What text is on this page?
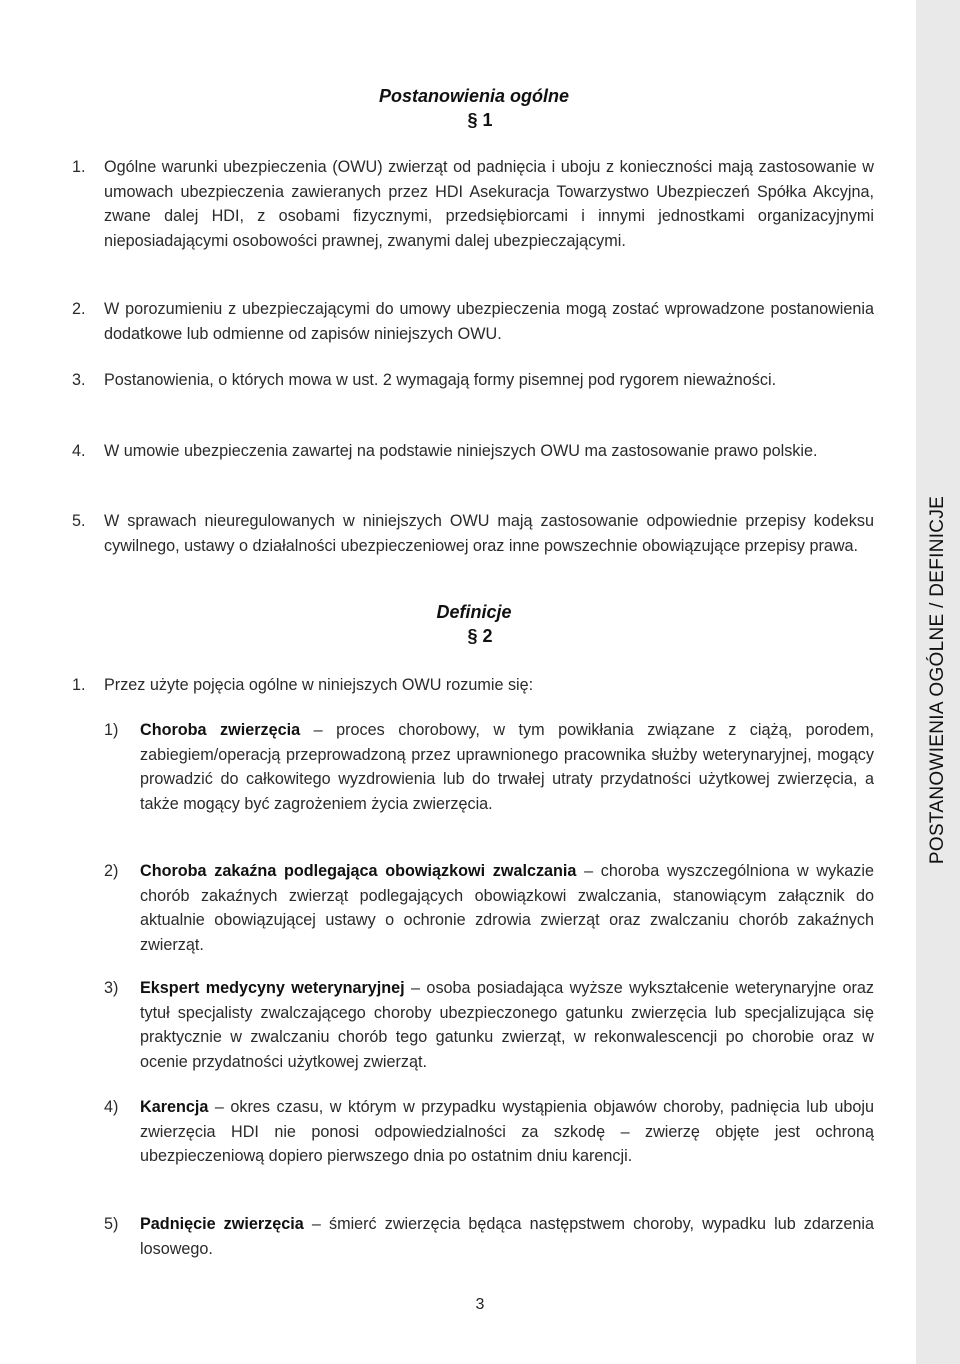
POSTANOWIENIA OGÓLNE / DEFINICJE
Postanowienia ogólne
§ 1
1. Ogólne warunki ubezpieczenia (OWU) zwierząt od padnięcia i uboju z konieczności mają zastosowanie w umowach ubezpieczenia zawieranych przez HDI Asekuracja Towarzystwo Ubezpieczeń Spółka Akcyjna, zwane dalej HDI, z osobami fizycznymi, przedsiębiorcami i innymi jednostkami organizacyjnymi nieposiadającymi osobowości prawnej, zwanymi dalej ubezpieczającymi.
2. W porozumieniu z ubezpieczającymi do umowy ubezpieczenia mogą zostać wprowadzone postanowienia dodatkowe lub odmienne od zapisów niniejszych OWU.
3. Postanowienia, o których mowa w ust. 2 wymagają formy pisemnej pod rygorem nieważności.
4. W umowie ubezpieczenia zawartej na podstawie niniejszych OWU ma zastosowanie prawo polskie.
5. W sprawach nieuregulowanych w niniejszych OWU mają zastosowanie odpowiednie przepisy kodeksu cywilnego, ustawy o działalności ubezpieczeniowej oraz inne powszechnie obowiązujące przepisy prawa.
Definicje
§ 2
1. Przez użyte pojęcia ogólne w niniejszych OWU rozumie się:
1) Choroba zwierzęcia – proces chorobowy, w tym powikłania związane z ciążą, porodem, zabiegiem/operacją przeprowadzoną przez uprawnionego pracownika służby weterynaryjnej, mogący prowadzić do całkowitego wyzdrowienia lub do trwałej utraty przydatności użytkowej zwierzęcia, a także mogący być zagrożeniem życia zwierzęcia.
2) Choroba zakaźna podlegająca obowiązkowi zwalczania – choroba wyszczególniona w wykazie chorób zakaźnych zwierząt podlegających obowiązkowi zwalczania, stanowiącym załącznik do aktualnie obowiązującej ustawy o ochronie zdrowia zwierząt oraz zwalczaniu chorób zakaźnych zwierząt.
3) Ekspert medycyny weterynaryjnej – osoba posiadająca wyższe wykształcenie weterynaryjne oraz tytuł specjalisty zwalczającego choroby ubezpieczonego gatunku zwierzęcia lub specjalizująca się praktycznie w zwalczaniu chorób tego gatunku zwierząt, w rekonwalescencji po chorobie oraz w ocenie przydatności użytkowej zwierząt.
4) Karencja – okres czasu, w którym w przypadku wystąpienia objawów choroby, padnięcia lub uboju zwierzęcia HDI nie ponosi odpowiedzialności za szkodę – zwierzę objęte jest ochroną ubezpieczeniową dopiero pierwszego dnia po ostatnim dniu karencji.
5) Padnięcie zwierzęcia – śmierć zwierzęcia będąca następstwem choroby, wypadku lub zdarzenia losowego.
3
